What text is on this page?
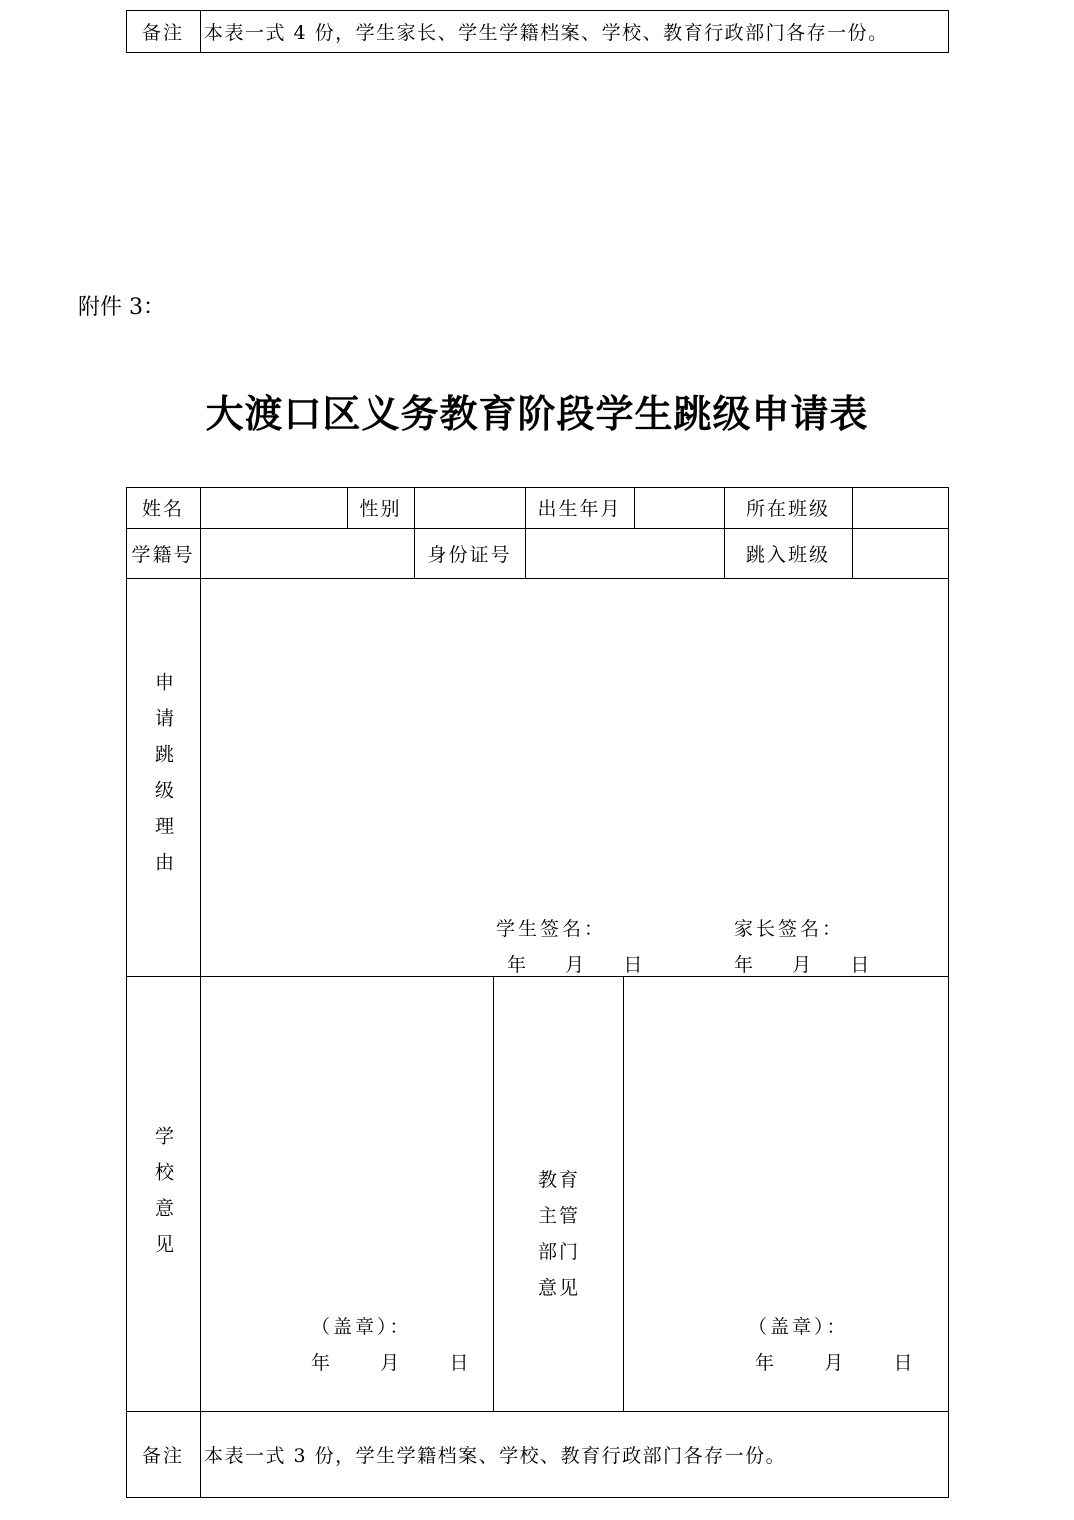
备注	本表一式 4 份，学生家长、学生学籍档案、学校、教育行政部门各存一份。
附件 3：
大渡口区义务教育阶段学生跳级申请表
姓名	性别	出生年月	所在班级
学籍号	身份证号	跳入班级
申请跳级理由
学生签名：	家长签名：
年    月    日	年    月    日
学校意见
（盖章）：
年      月      日
教育主管部门意见
（盖章）：
年      月      日
备注	本表一式 3 份，学生学籍档案、学校、教育行政部门各存一份。
